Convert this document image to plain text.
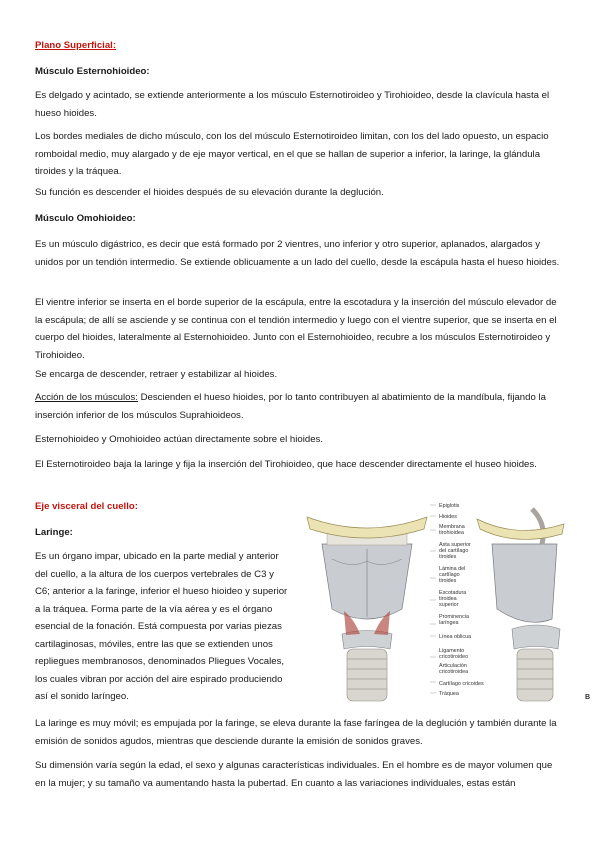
Plano Superficial:

Músculo Esternohioideo:

Es delgado y acintado, se extiende anteriormente a los músculo Esternotiroideo y Tirohioideo, desde la clavícula hasta el hueso hioides.

Los bordes mediales de dicho músculo, con los del músculo Esternotiroideo limitan, con los del lado opuesto, un espacio romboidal medio, muy alargado y de eje mayor vertical, en el que se hallan de superior a inferior, la laringe, la glándula tiroides y la tráquea.

Su función es descender el hioides después de su elevación durante la deglución.

Músculo Omohioideo:

Es un músculo digástrico, es decir que está formado por 2 vientres, uno inferior y otro superior, aplanados, alargados y unidos por un tendión intermedio. Se extiende oblicuamente a un lado del cuello, desde la escápula hasta el hueso hioides.

El vientre inferior se inserta en el borde superior de la escápula, entre la escotadura y la inserción del músculo elevador de la escápula; de allí se asciende y se continua con el tendión intermedio y luego con el vientre superior, que se inserta en el cuerpo del hioides, lateralmente al Esternohioideo. Junto con el Esternohioideo, recubre a los músculos Esternotiroideo y Tirohioideo.

Se encarga de descender, retraer y estabilizar al hioides.

Acción de los músculos: Descienden el hueso hioides, por lo tanto contribuyen al abatimiento de la mandíbula, fijando la inserción inferior de los músculos Suprahioideos.

Esternohioideo y Omohioideo actúan directamente sobre el hioides.

El Esternotiroideo baja la laringe y fija la inserción del Tirohioideo, que hace descender directamente el huseo hioides.

Eje visceral del cuello:

Laringe:

Es un órgano impar, ubicado en la parte medial y anterior del cuello, a la altura de los cuerpos vertebrales de C3 y C6; anterior a la faringe, inferior el hueso hioideo y superior a la tráquea. Forma parte de la vía aérea y es el órgano esencial de la fonación. Está compuesta por varias piezas cartilaginosas, móviles, entre las que se extienden unos repliegues membranosos, denominados Pliegues Vocales, los cuales vibran por acción del aire espirado produciendo así el sonido laríngeo.

La laringe es muy móvil; es empujada por la faringe, se eleva durante la fase faríngea de la deglución y también durante la emisión de sonidos agudos, mientras que desciende durante la emisión de sonidos graves.

Su dimensión varía según la edad, el sexo y algunas características individuales. En el hombre es de mayor volumen que en la mujer; y su tamaño va aumentando hasta la pubertad. En cuanto a las variaciones individuales, estas están

Epiglotis
Hioides
Membrana
tirohioidea
Asta superior
del cartílago
tiroides
Lámina del
cartílago
tiroides
Escotadura
tiroidea
superior
Prominencia
laríngea
Línea oblicua
Ligamento
cricotiroideo
Articulación
cricotiroidea
Cartílago cricoides
Tráquea	B
